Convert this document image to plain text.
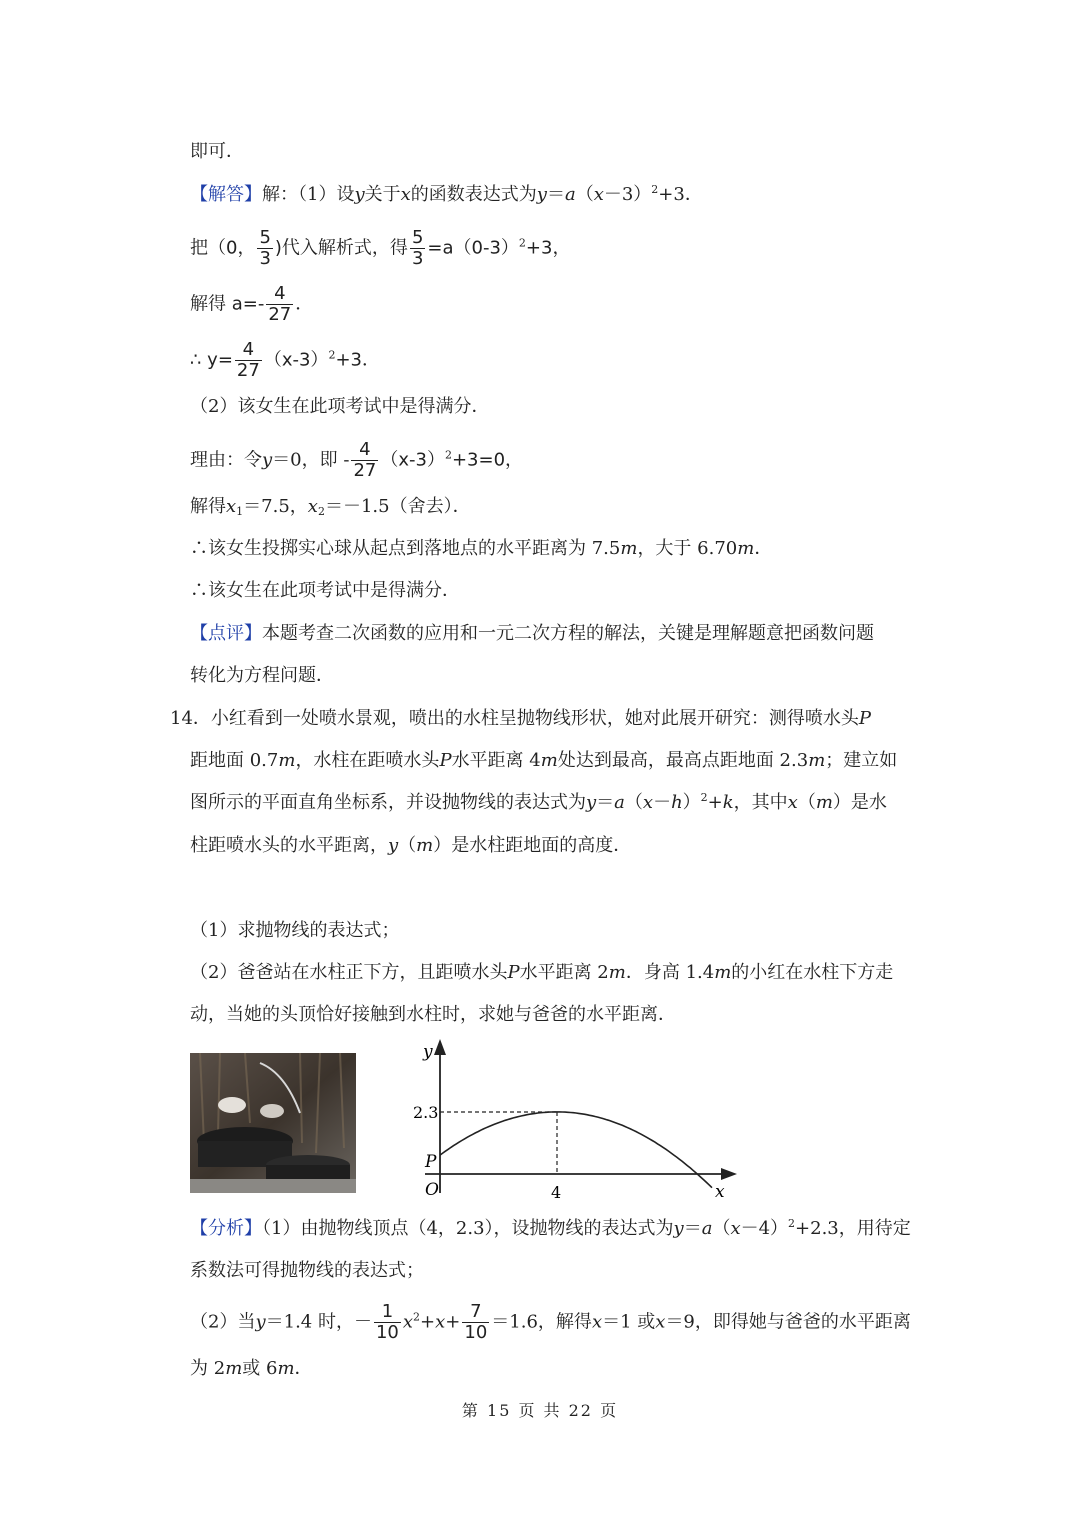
即可．
【解答】解：（1）设y关于x的函数表达式为$y=a(x-3)^2+3$．
把（0， $\frac{5}{3}$ )代入解析式，得 $\frac{5}{3} =a(0-3)^2+3$，
解得 $a=- \frac{4}{27}$ ．
∴ $y= \frac{4}{27} (x-3)^2+3$．
（2）该女生在此项考试中是得满分．
理由：令y＝0，即 - $\frac{4}{27} (x-3)^2+3=0$，
解得$x_1=7.5$，$x_2=-1.5$（舍去）．
∴该女生投掷实心球从起点到落地点的水平距离为 7.5m，大于 6.70m．
∴该女生在此项考试中是得满分．
【点评】本题考查二次函数的应用和一元二次方程的解法，关键是理解题意把函数问题
转化为方程问题．
14．小红看到一处喷水景观，喷出的水柱呈抛物线形状，她对此展开研究：测得喷水头P
距地面 0.7m，水柱在距喷水头P水平距离 4m处达到最高，最高点距地面 2.3m；建立如
图所示的平面直角坐标系，并设抛物线的表达式为$y=a(x-h)^2+k$，其中x（m）是水
柱距喷水头的水平距离，y（m）是水柱距地面的高度．
（1）求抛物线的表达式；
（2）爸爸站在水柱正下方，且距喷水头P水平距离 2m．身高 1.4m的小红在水柱下方走
动，当她的头顶恰好接触到水柱时，求她与爸爸的水平距离．
y
x
O
P
2.3
4
【分析】（1）由抛物线顶点（4，2.3），设抛物线的表达式为$y=a(x-4)^2+2.3$，用待定
系数法可得抛物线的表达式；
（2）当y＝1.4 时，－ $\frac{1}{10} x^2+x+ \frac{7}{10} =1.6$，解得x＝1 或x＝9，即得她与爸爸的水平距离
为 2m或 6m．
第 15 页 共 22 页
